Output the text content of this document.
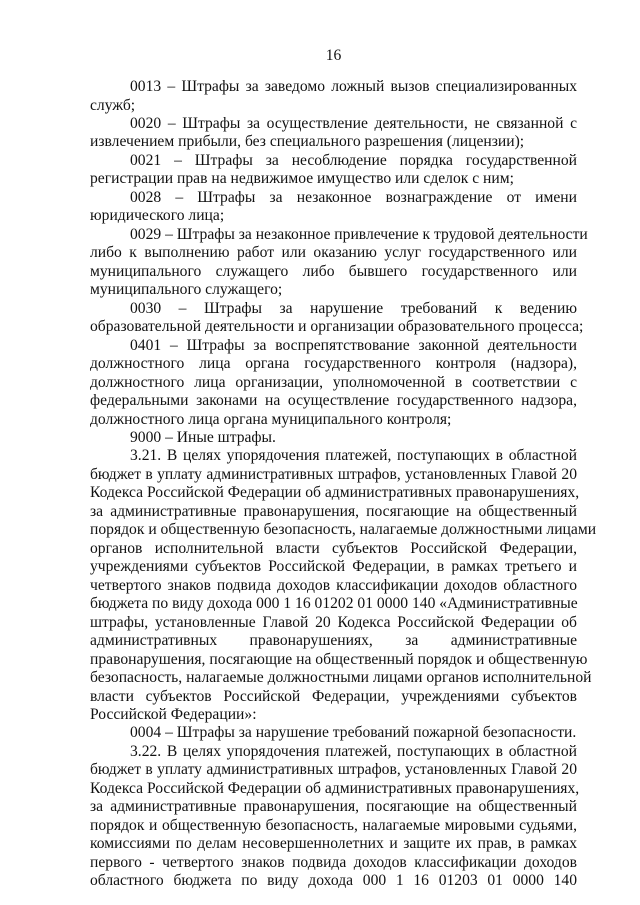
16
0013 – Штрафы за заведомо ложный вызов специализированных
служб;
0020 – Штрафы за осуществление деятельности, не связанной с
извлечением прибыли, без специального разрешения (лицензии);
0021 – Штрафы за несоблюдение порядка государственной
регистрации прав на недвижимое имущество или сделок с ним;
0028 – Штрафы за незаконное вознаграждение от имени
юридического лица;
0029 – Штрафы за незаконное привлечение к трудовой деятельности
либо к выполнению работ или оказанию услуг государственного или
муниципального служащего либо бывшего государственного или
муниципального служащего;
0030 – Штрафы за нарушение требований к ведению
образовательной деятельности и организации образовательного процесса;
0401 – Штрафы за воспрепятствование законной деятельности
должностного лица органа государственного контроля (надзора),
должностного лица организации, уполномоченной в соответствии с
федеральными законами на осуществление государственного надзора,
должностного лица органа муниципального контроля;
9000 – Иные штрафы.
3.21. В целях упорядочения платежей, поступающих в областной
бюджет в уплату административных штрафов, установленных Главой 20
Кодекса Российской Федерации об административных правонарушениях,
за административные правонарушения, посягающие на общественный
порядок и общественную безопасность, налагаемые должностными лицами
органов исполнительной власти субъектов Российской Федерации,
учреждениями субъектов Российской Федерации, в рамках третьего и
четвертого знаков подвида доходов классификации доходов областного
бюджета по виду дохода 000 1 16 01202 01 0000 140 «Административные
штрафы, установленные Главой 20 Кодекса Российской Федерации об
административных правонарушениях, за административные
правонарушения, посягающие на общественный порядок и общественную
безопасность, налагаемые должностными лицами органов исполнительной
власти субъектов Российской Федерации, учреждениями субъектов
Российской Федерации»:
0004 – Штрафы за нарушение требований пожарной безопасности.
3.22. В целях упорядочения платежей, поступающих в областной
бюджет в уплату административных штрафов, установленных Главой 20
Кодекса Российской Федерации об административных правонарушениях,
за административные правонарушения, посягающие на общественный
порядок и общественную безопасность, налагаемые мировыми судьями,
комиссиями по делам несовершеннолетних и защите их прав, в рамках
первого - четвертого знаков подвида доходов классификации доходов
областного бюджета по виду дохода 000 1 16 01203 01 0000 140
